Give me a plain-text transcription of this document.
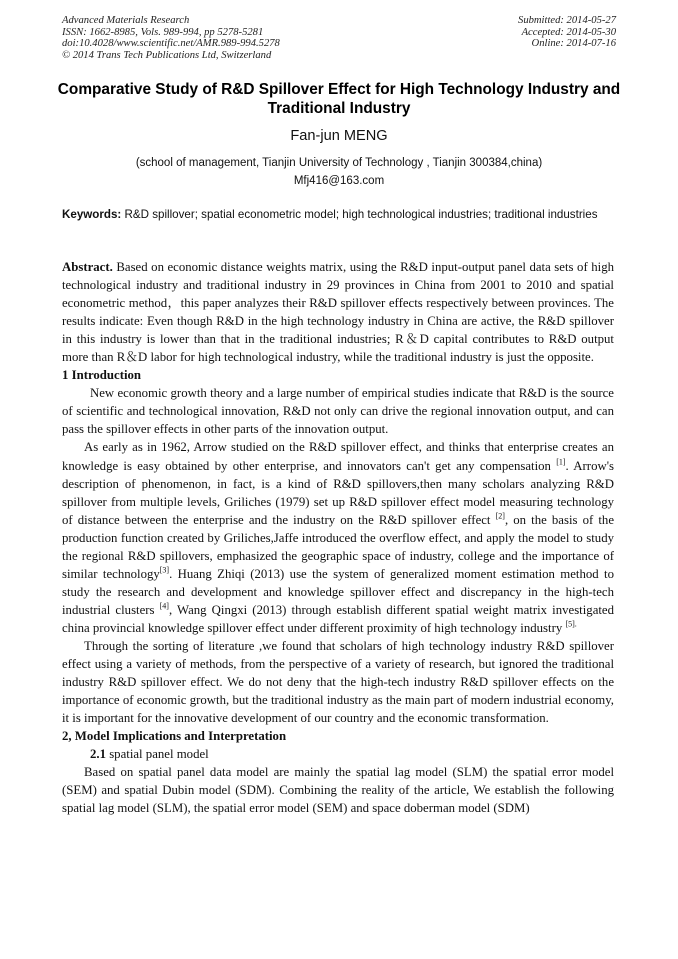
Advanced Materials Research
ISSN: 1662-8985, Vols. 989-994, pp 5278-5281
doi:10.4028/www.scientific.net/AMR.989-994.5278
© 2014 Trans Tech Publications Ltd, Switzerland
Submitted: 2014-05-27
Accepted: 2014-05-30
Online: 2014-07-16
Comparative Study of R&D Spillover Effect for High Technology Industry and Traditional Industry
Fan-jun MENG
(school of management, Tianjin University of Technology , Tianjin 300384,china)
Mfj416@163.com
Keywords: R&D spillover; spatial econometric model; high technological industries; traditional industries

Abstract. Based on economic distance weights matrix, using the R&D input-output panel data sets of high technological industry and traditional industry in 29 provinces in China from 2001 to 2010 and spatial econometric method，this paper analyzes their R&D spillover effects respectively between provinces. The results indicate: Even though R&D in the high technology industry in China are active, the R&D spillover in this industry is lower than that in the traditional industries; R＆D capital contributes to R&D output more than R＆D labor for high technological industry, while the traditional industry is just the opposite.

1 Introduction

New economic growth theory and a large number of empirical studies indicate that R&D is the source of scientific and technological innovation, R&D not only can drive the regional innovation output, and can pass the spillover effects in other parts of the innovation output.

As early as in 1962, Arrow studied on the R&D spillover effect, and thinks that enterprise creates an knowledge is easy obtained by other enterprise, and innovators can't get any compensation [1]. Arrow's description of phenomenon, in fact, is a kind of R&D spillovers,then many scholars analyzing R&D spillover from multiple levels, Griliches (1979) set up R&D spillover effect model measuring technology of distance between the enterprise and the industry on the R&D spillover effect [2], on the basis of the production function created by Griliches,Jaffe introduced the overflow effect, and apply the model to study the regional R&D spillovers, emphasized the geographic space of industry, college and the importance of similar technology[3]. Huang Zhiqi (2013) use the system of generalized moment estimation method to study the research and development and knowledge spillover effect and discrepancy in the high-tech industrial clusters [4], Wang Qingxi (2013) through establish different spatial weight matrix investigated china provincial knowledge spillover effect under different proximity of high technology industry $^{[5].}$

Through the sorting of literature ,we found that scholars of high technology industry R&D spillover effect using a variety of methods, from the perspective of a variety of research, but ignored the traditional industry R&D spillover effect. We do not deny that the high-tech industry R&D spillover effects on the importance of economic growth, but the traditional industry as the main part of modern industrial economy, it is important for the innovative development of our country and the economic transformation.

2, Model Implications and Interpretation

2.1 spatial panel model

Based on spatial panel data model are mainly the spatial lag model (SLM) the spatial error model (SEM) and spatial Dubin model (SDM). Combining the reality of the article, We establish the following spatial lag model (SLM), the spatial error model (SEM) and space doberman model (SDM)
